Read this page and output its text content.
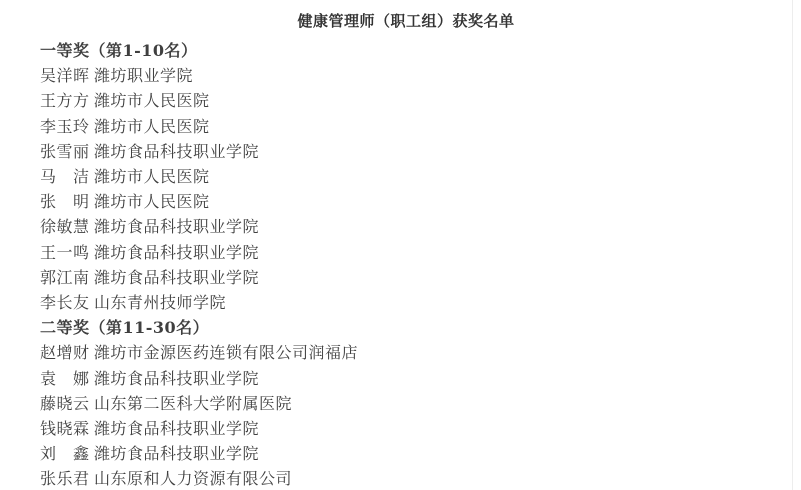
健康管理师（职工组）获奖名单
一等奖（第1-10名）
吴洋晖 潍坊职业学院
王方方 潍坊市人民医院
李玉玲 潍坊市人民医院
张雪丽 潍坊食品科技职业学院
马　洁 潍坊市人民医院
张　明 潍坊市人民医院
徐敏慧 潍坊食品科技职业学院
王一鸣 潍坊食品科技职业学院
郭江南 潍坊食品科技职业学院
李长友 山东青州技师学院
二等奖（第11-30名）
赵增财 潍坊市金源医药连锁有限公司润福店
袁　娜 潍坊食品科技职业学院
藤晓云 山东第二医科大学附属医院
钱晓霖 潍坊食品科技职业学院
刘　鑫 潍坊食品科技职业学院
张乐君 山东原和人力资源有限公司
